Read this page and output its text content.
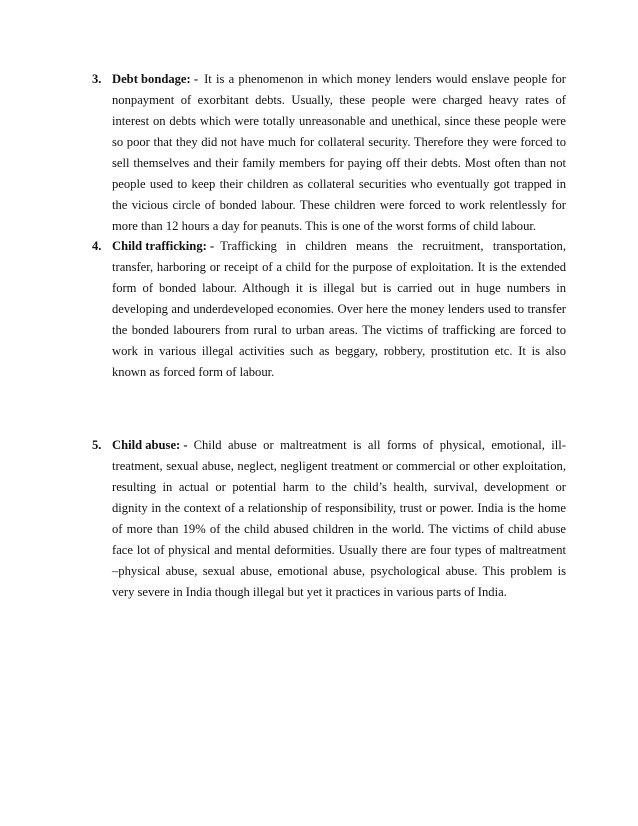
3. Debt bondage: - It is a phenomenon in which money lenders would enslave people for
nonpayment of exorbitant debts. Usually, these people were charged heavy rates of
interest on debts which were totally unreasonable and unethical, since these people were
so poor that they did not have much for collateral security. Therefore they were forced to
sell themselves and their family members for paying off their debts. Most often than not
people used to keep their children as collateral securities who eventually got trapped in
the vicious circle of bonded labour. These children were forced to work relentlessly for
more than 12 hours a day for peanuts. This is one of the worst forms of child labour.
4. Child trafficking: - Trafficking in children means the recruitment, transportation,
transfer, harboring or receipt of a child for the purpose of exploitation. It is the extended
form of bonded labour. Although it is illegal but is carried out in huge numbers in
developing and underdeveloped economies. Over here the money lenders used to transfer
the bonded labourers from rural to urban areas. The victims of trafficking are forced to
work in various illegal activities such as beggary, robbery, prostitution etc. It is also
known as forced form of labour.
5. Child abuse: - Child abuse or maltreatment is all forms of physical, emotional, ill-
treatment, sexual abuse, neglect, negligent treatment or commercial or other exploitation,
resulting in actual or potential harm to the child’s health, survival, development or
dignity in the context of a relationship of responsibility, trust or power. India is the home
of more than 19% of the child abused children in the world. The victims of child abuse
face lot of physical and mental deformities. Usually there are four types of maltreatment
–physical abuse, sexual abuse, emotional abuse, psychological abuse. This problem is
very severe in India though illegal but yet it practices in various parts of India.
